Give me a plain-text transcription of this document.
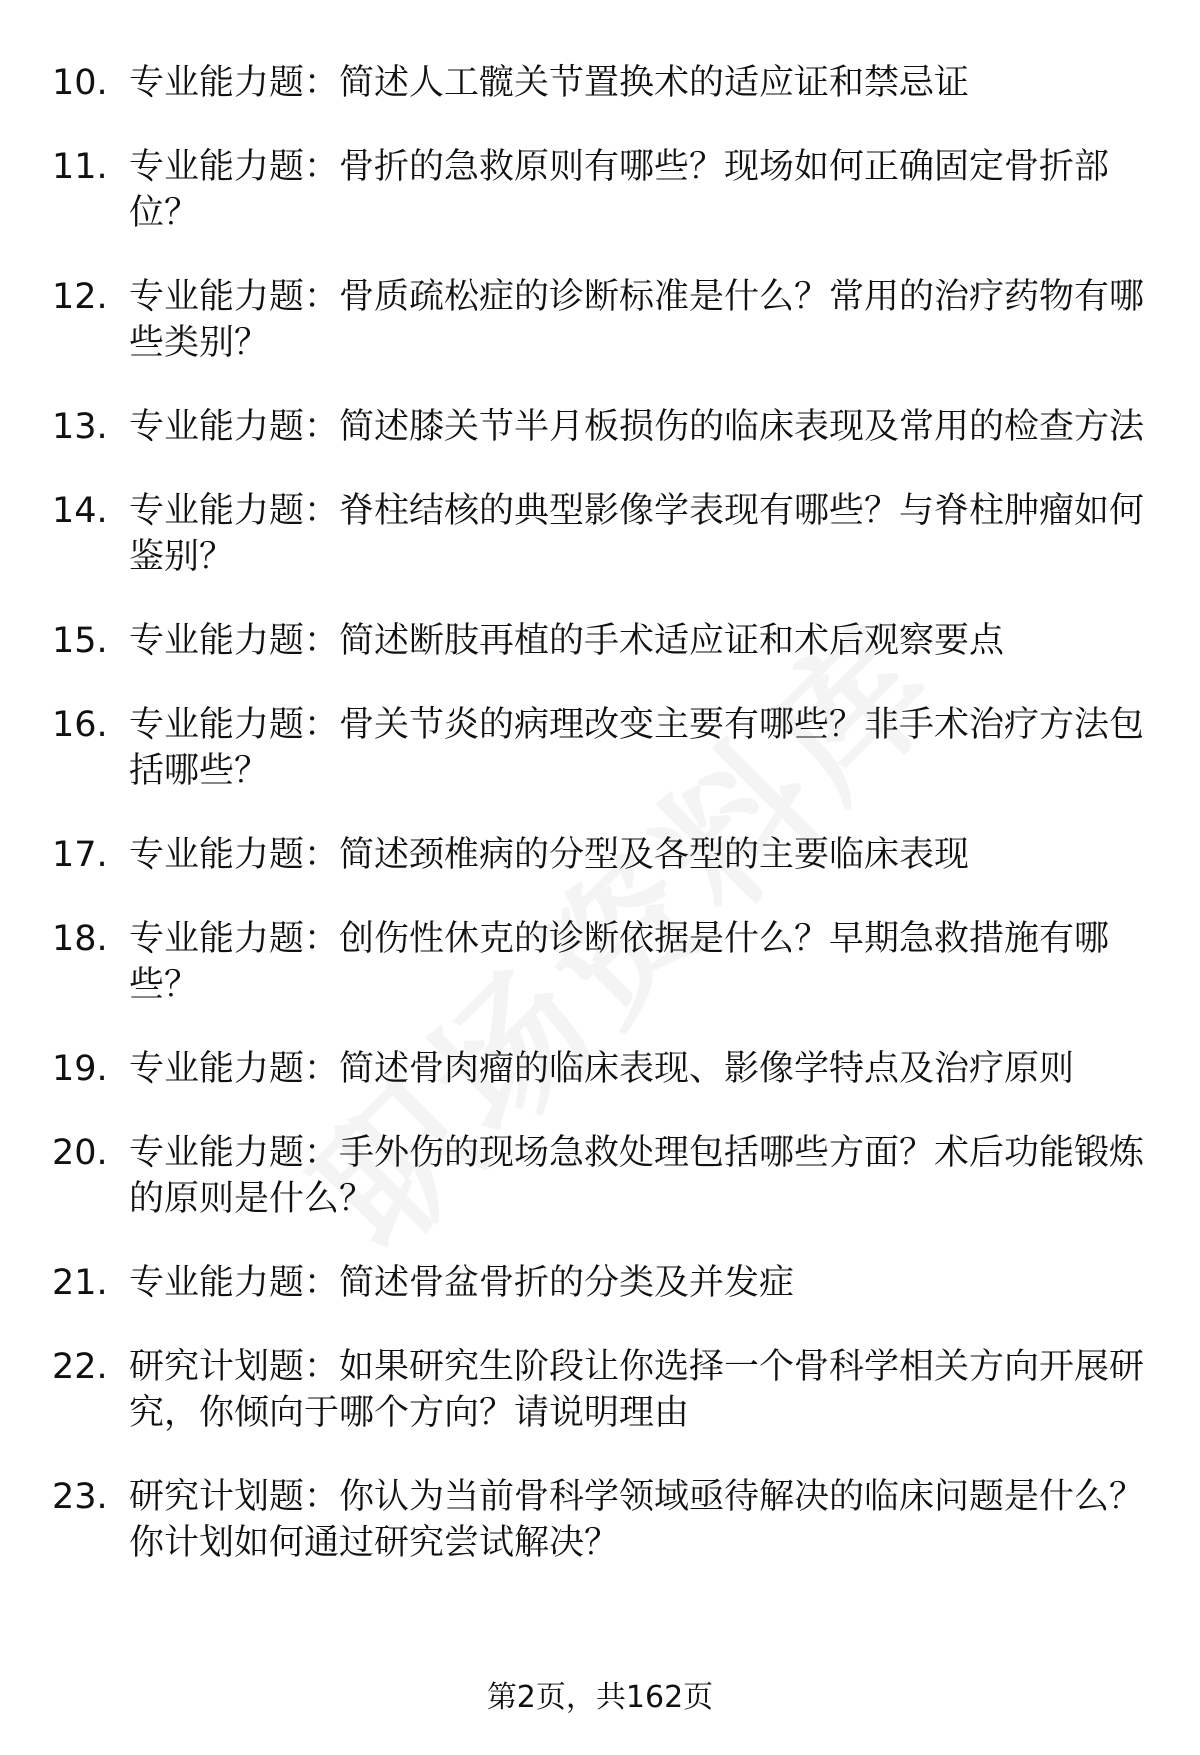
10. 专业能力题：简述人工髋关节置换术的适应证和禁忌证
11. 专业能力题：骨折的急救原则有哪些？现场如何正确固定骨折部位？
12. 专业能力题：骨质疏松症的诊断标准是什么？常用的治疗药物有哪些类别？
13. 专业能力题：简述膝关节半月板损伤的临床表现及常用的检查方法
14. 专业能力题：脊柱结核的典型影像学表现有哪些？与脊柱肿瘤如何鉴别？
15. 专业能力题：简述断肢再植的手术适应证和术后观察要点
16. 专业能力题：骨关节炎的病理改变主要有哪些？非手术治疗方法包括哪些？
17. 专业能力题：简述颈椎病的分型及各型的主要临床表现
18. 专业能力题：创伤性休克的诊断依据是什么？早期急救措施有哪些？
19. 专业能力题：简述骨肉瘤的临床表现、影像学特点及治疗原则
20. 专业能力题：手外伤的现场急救处理包括哪些方面？术后功能锻炼的原则是什么？
21. 专业能力题：简述骨盆骨折的分类及并发症
22. 研究计划题：如果研究生阶段让你选择一个骨科学相关方向开展研究，你倾向于哪个方向？请说明理由
23. 研究计划题：你认为当前骨科学领域亟待解决的临床问题是什么？你计划如何通过研究尝试解决？
第2页，共162页
